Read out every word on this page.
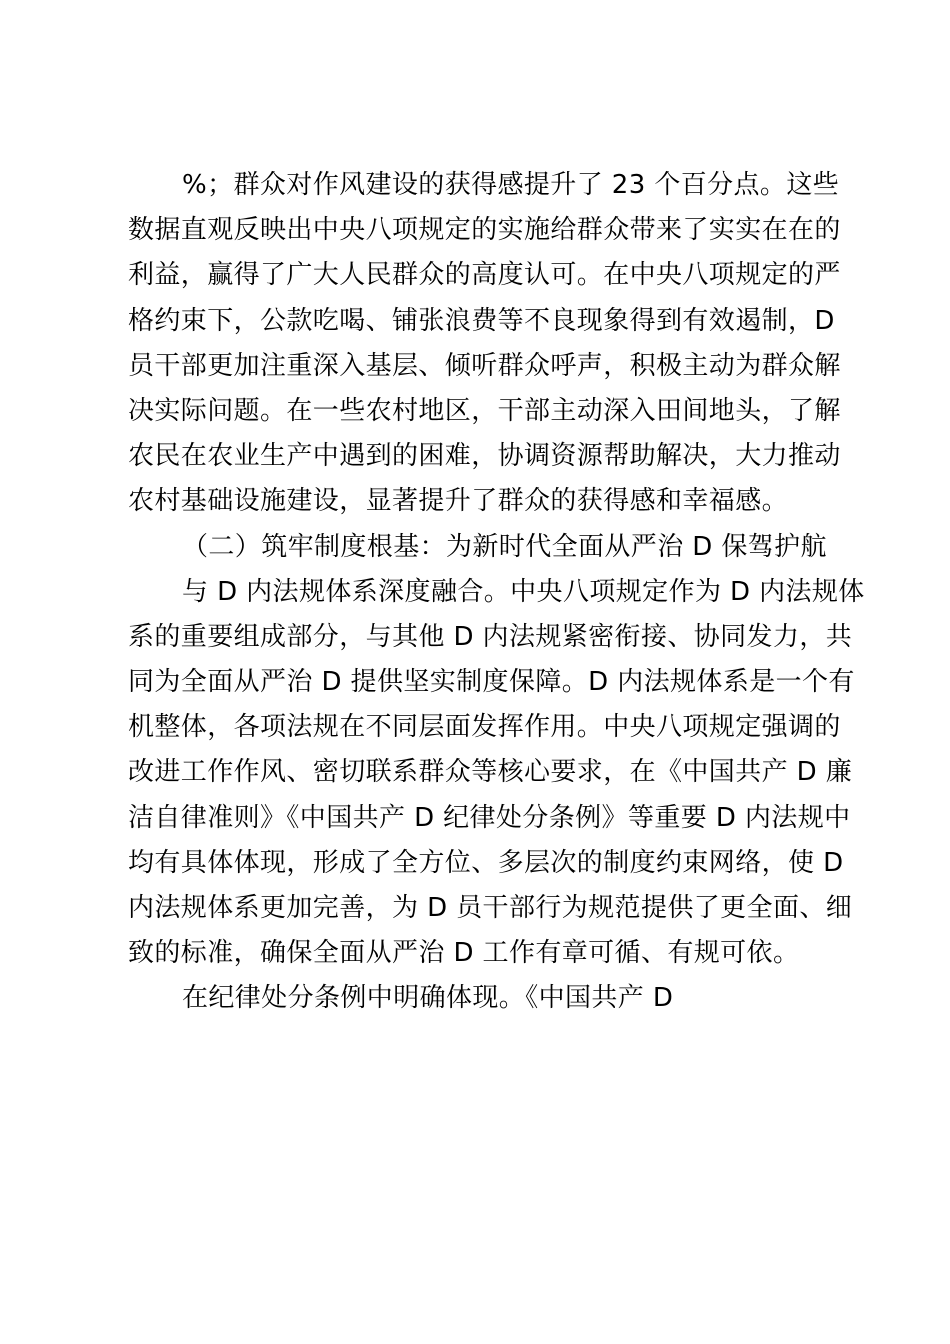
%；群众对作风建设的获得感提升了 23 个百分点。这些
数据直观反映出中央八项规定的实施给群众带来了实实在在的
利益，赢得了广大人民群众的高度认可。在中央八项规定的严
格约束下，公款吃喝、铺张浪费等不良现象得到有效遏制，D
员干部更加注重深入基层、倾听群众呼声，积极主动为群众解
决实际问题。在一些农村地区，干部主动深入田间地头，了解
农民在农业生产中遇到的困难，协调资源帮助解决，大力推动
农村基础设施建设，显著提升了群众的获得感和幸福感。
（二）筑牢制度根基：为新时代全面从严治 D 保驾护航
与 D 内法规体系深度融合。中央八项规定作为 D 内法规体
系的重要组成部分，与其他 D 内法规紧密衔接、协同发力，共
同为全面从严治 D 提供坚实制度保障。D 内法规体系是一个有
机整体，各项法规在不同层面发挥作用。中央八项规定强调的
改进工作作风、密切联系群众等核心要求，在《中国共产 D 廉
洁自律准则》《中国共产 D 纪律处分条例》等重要 D 内法规中
均有具体体现，形成了全方位、多层次的制度约束网络，使 D
内法规体系更加完善，为 D 员干部行为规范提供了更全面、细
致的标准，确保全面从严治 D 工作有章可循、有规可依。
在纪律处分条例中明确体现。《中国共产 D
